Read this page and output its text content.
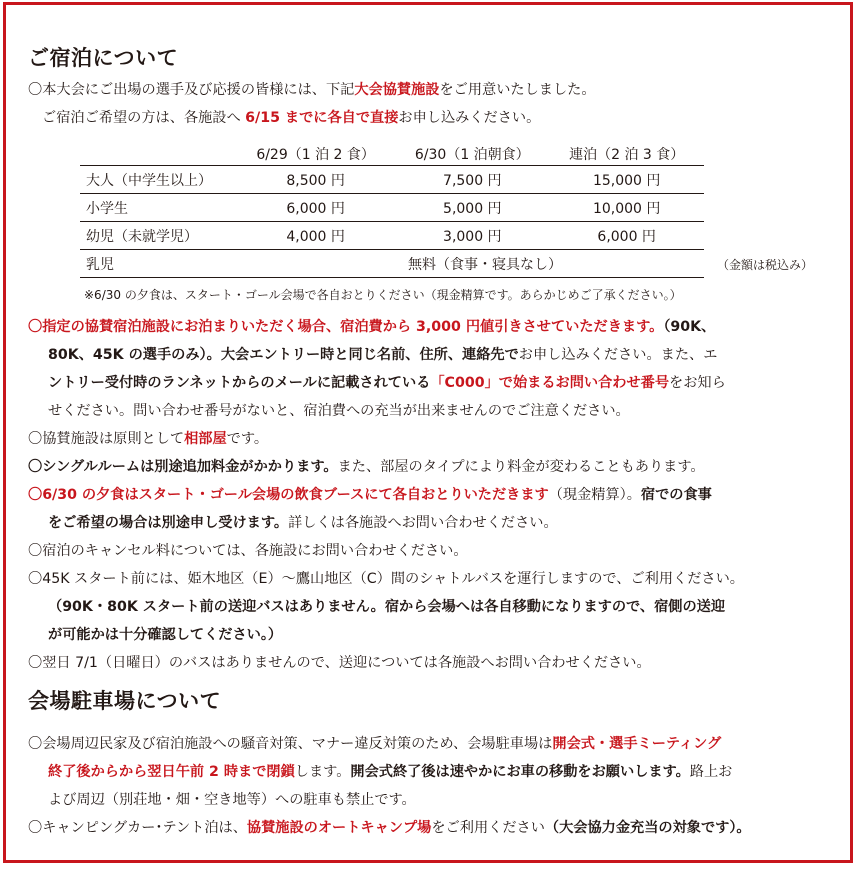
ご宿泊について
〇本大会にご出場の選手及び応援の皆様には、下記大会協賛施設をご用意いたしました。
ご宿泊ご希望の方は、各施設へ 6/15 までに各自で直接お申し込みください。
	6/29（1 泊 2 食）	6/30（1 泊朝食）	連泊（2 泊 3 食）
大人（中学生以上）	8,500 円	7,500 円	15,000 円
小学生	6,000 円	5,000 円	10,000 円
幼児（未就学児）	4,000 円	3,000 円	6,000 円
乳児	無料（食事・寝具なし）			（金額は税込み）
※6/30 の夕食は、スタート・ゴール会場で各自おとりください（現金精算です。あらかじめご了承ください。）
〇指定の協賛宿泊施設にお泊まりいただく場合、宿泊費から 3,000 円値引きさせていただきます。（90K、
80K、45K の選手のみ）。大会エントリー時と同じ名前、住所、連絡先でお申し込みください。また、エ
ントリー受付時のランネットからのメールに記載されている「C000」で始まるお問い合わせ番号をお知ら
せください。問い合わせ番号がないと、宿泊費への充当が出来ませんのでご注意ください。
〇協賛施設は原則として相部屋です。
〇シングルルームは別途追加料金がかかります。また、部屋のタイプにより料金が変わることもあります。
〇6/30 の夕食はスタート・ゴール会場の飲食ブースにて各自おとりいただきます（現金精算）。宿での食事
をご希望の場合は別途申し受けます。詳しくは各施設へお問い合わせください。
〇宿泊のキャンセル料については、各施設にお問い合わせください。
〇45K スタート前には、姫木地区（E）～鷹山地区（C）間のシャトルバスを運行しますので、ご利用ください。
（90K・80K スタート前の送迎バスはありません。宿から会場へは各自移動になりますので、宿側の送迎
が可能かは十分確認してください。）
〇翌日 7/1（日曜日）のバスはありませんので、送迎については各施設へお問い合わせください。
会場駐車場について
〇会場周辺民家及び宿泊施設への騒音対策、マナー違反対策のため、会場駐車場は開会式・選手ミーティング
終了後からから翌日午前 2 時まで閉鎖します。開会式終了後は速やかにお車の移動をお願いします。路上お
よび周辺（別荘地・畑・空き地等）への駐車も禁止です。
〇キャンピングカー･テント泊は、協賛施設のオートキャンプ場をご利用ください（大会協力金充当の対象です）。
